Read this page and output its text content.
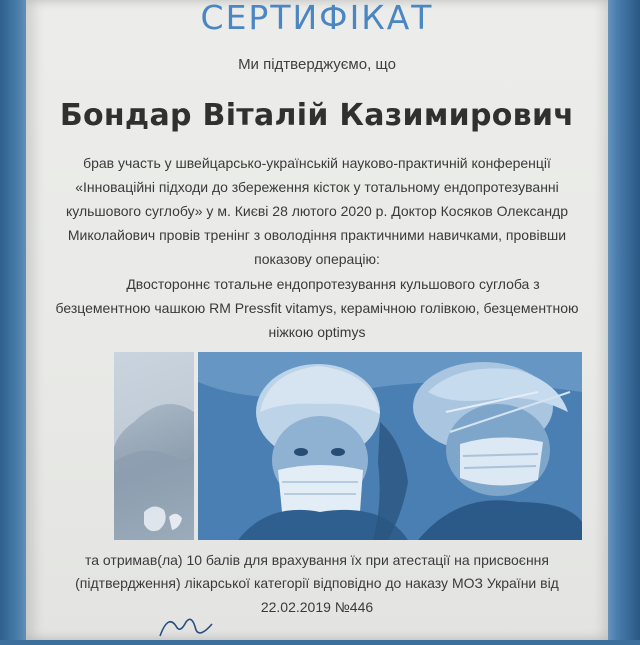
СЕРТИФІКАТ
Ми підтверджуємо, що
Бондар Віталій Казимирович
брав участь у швейцарсько-українській науково-практичній конференції
«Інноваційні підходи до збереження кісток у тотальному ендопротезуванні
кульшового суглобу» у м. Києві 28 лютого 2020 р. Доктор Косяков Олександр
Миколайович провів тренінг з оволодіння практичними навичками, провівши
показову операцію:
Двостороннє тотальне ендопротезування кульшового суглоба з
безцементною чашкою RM Pressfit vitamys, керамічною голівкою, безцементною
ніжкою optimys
та отримав(ла) 10 балів для врахування їх при атестації на присвоєння
(підтвердження) лікарської категорії відповідно до наказу МОЗ України від
22.02.2019 №446
